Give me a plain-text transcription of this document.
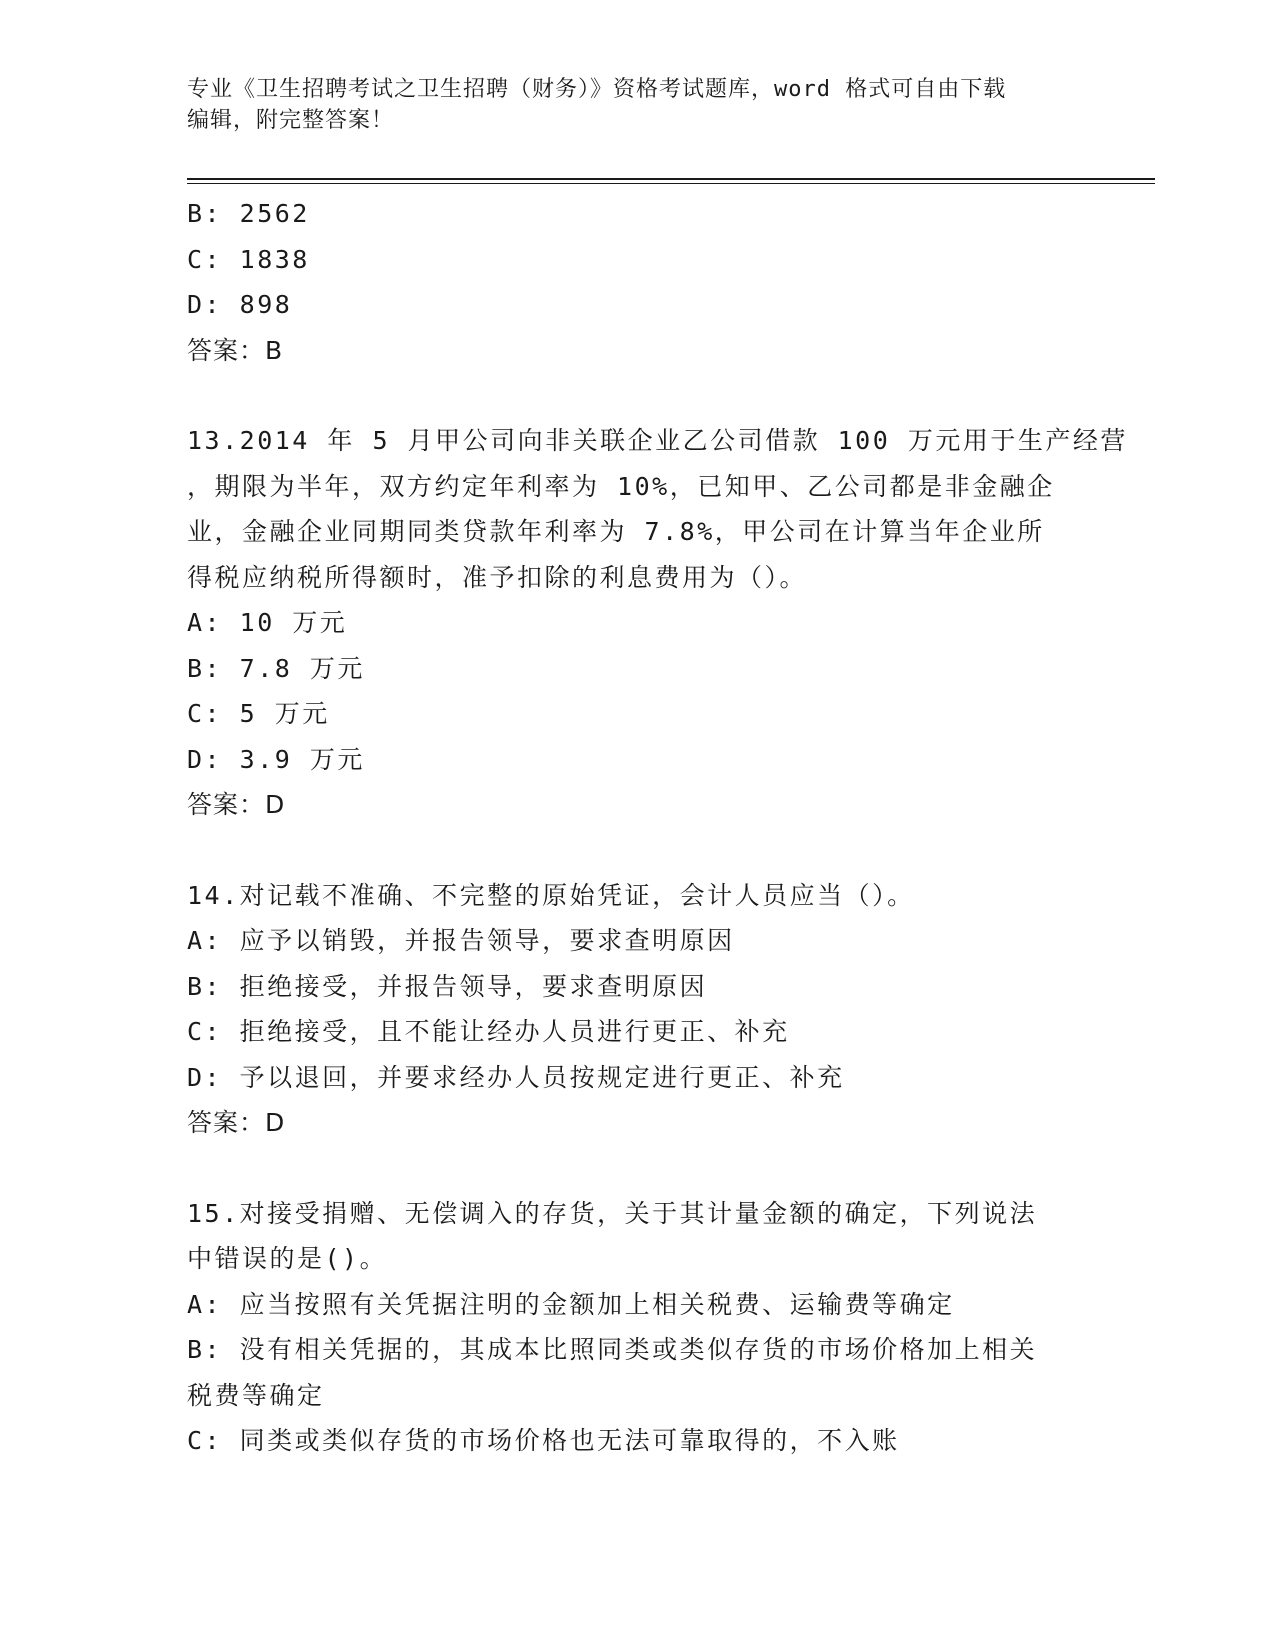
专业《卫生招聘考试之卫生招聘（财务）》资格考试题库，word 格式可自由下载
编辑，附完整答案！
B: 2562
C: 1838
D: 898
答案：B
13.2014 年 5 月甲公司向非关联企业乙公司借款 100 万元用于生产经营
，期限为半年，双方约定年利率为 10%，已知甲、乙公司都是非金融企
业，金融企业同期同类贷款年利率为 7.8%，甲公司在计算当年企业所
得税应纳税所得额时，准予扣除的利息费用为（）。
A: 10 万元
B: 7.8 万元
C: 5 万元
D: 3.9 万元
答案：D
14.对记载不准确、不完整的原始凭证，会计人员应当（）。
A: 应予以销毁，并报告领导，要求查明原因
B: 拒绝接受，并报告领导，要求查明原因
C: 拒绝接受，且不能让经办人员进行更正、补充
D: 予以退回，并要求经办人员按规定进行更正、补充
答案：D
15.对接受捐赠、无偿调入的存货，关于其计量金额的确定，下列说法
中错误的是()。
A: 应当按照有关凭据注明的金额加上相关税费、运输费等确定
B: 没有相关凭据的，其成本比照同类或类似存货的市场价格加上相关
税费等确定
C: 同类或类似存货的市场价格也无法可靠取得的，不入账
